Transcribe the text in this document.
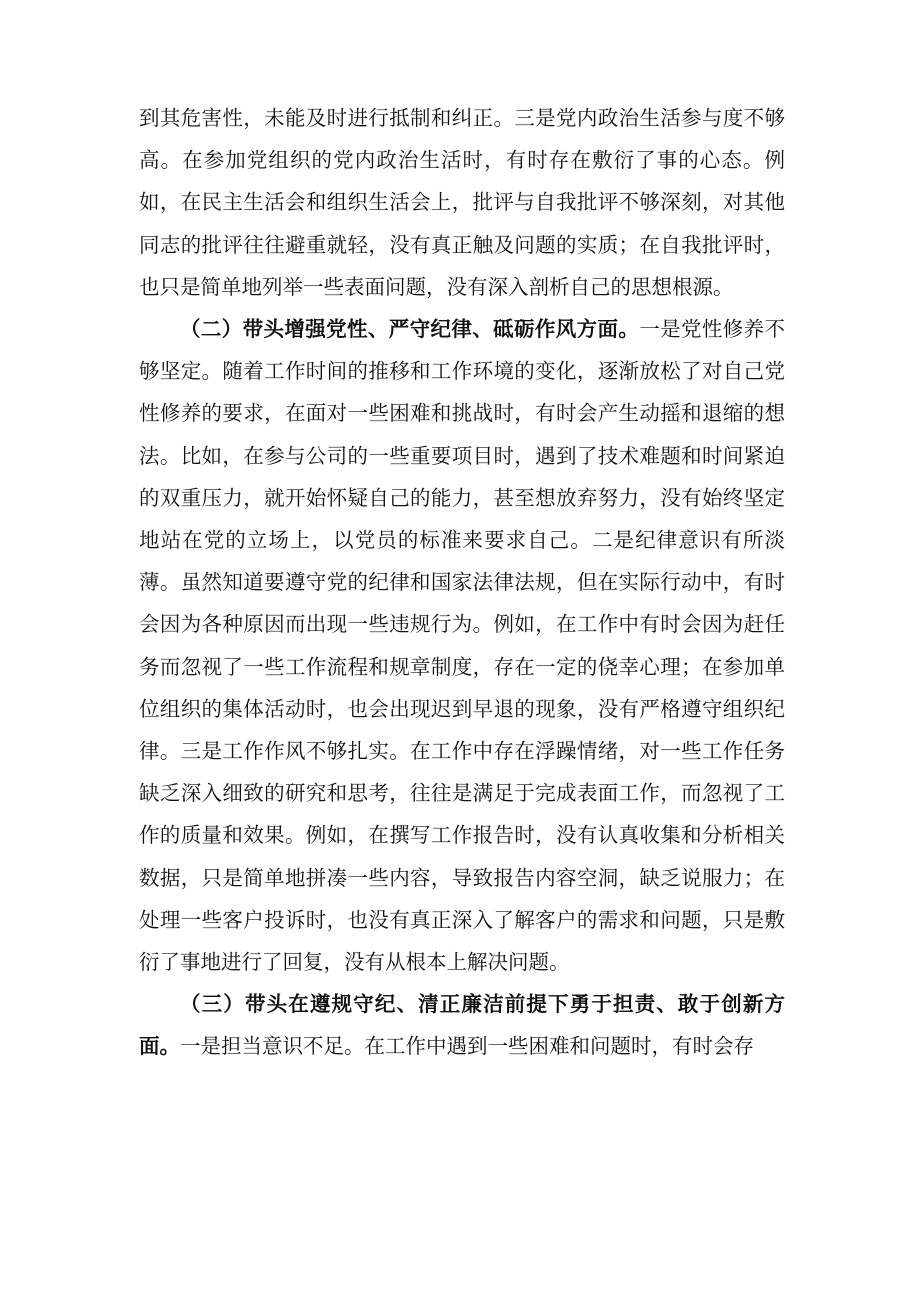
到其危害性，未能及时进行抵制和纠正。三是党内政治生活参与度不够高。在参加党组织的党内政治生活时，有时存在敷衍了事的心态。例如，在民主生活会和组织生活会上，批评与自我批评不够深刻，对其他同志的批评往往避重就轻，没有真正触及问题的实质；在自我批评时，也只是简单地列举一些表面问题，没有深入剖析自己的思想根源。

（二）带头增强党性、严守纪律、砥砺作风方面。一是党性修养不够坚定。随着工作时间的推移和工作环境的变化，逐渐放松了对自己党性修养的要求，在面对一些困难和挑战时，有时会产生动摇和退缩的想法。比如，在参与公司的一些重要项目时，遇到了技术难题和时间紧迫的双重压力，就开始怀疑自己的能力，甚至想放弃努力，没有始终坚定地站在党的立场上，以党员的标准来要求自己。二是纪律意识有所淡薄。虽然知道要遵守党的纪律和国家法律法规，但在实际行动中，有时会因为各种原因而出现一些违规行为。例如，在工作中有时会因为赶任务而忽视了一些工作流程和规章制度，存在一定的侥幸心理；在参加单位组织的集体活动时，也会出现迟到早退的现象，没有严格遵守组织纪律。三是工作作风不够扎实。在工作中存在浮躁情绪，对一些工作任务缺乏深入细致的研究和思考，往往是满足于完成表面工作，而忽视了工作的质量和效果。例如，在撰写工作报告时，没有认真收集和分析相关数据，只是简单地拼凑一些内容，导致报告内容空洞，缺乏说服力；在处理一些客户投诉时，也没有真正深入了解客户的需求和问题，只是敷衍了事地进行了回复，没有从根本上解决问题。

（三）带头在遵规守纪、清正廉洁前提下勇于担责、敢于创新方面。一是担当意识不足。在工作中遇到一些困难和问题时，有时会存
